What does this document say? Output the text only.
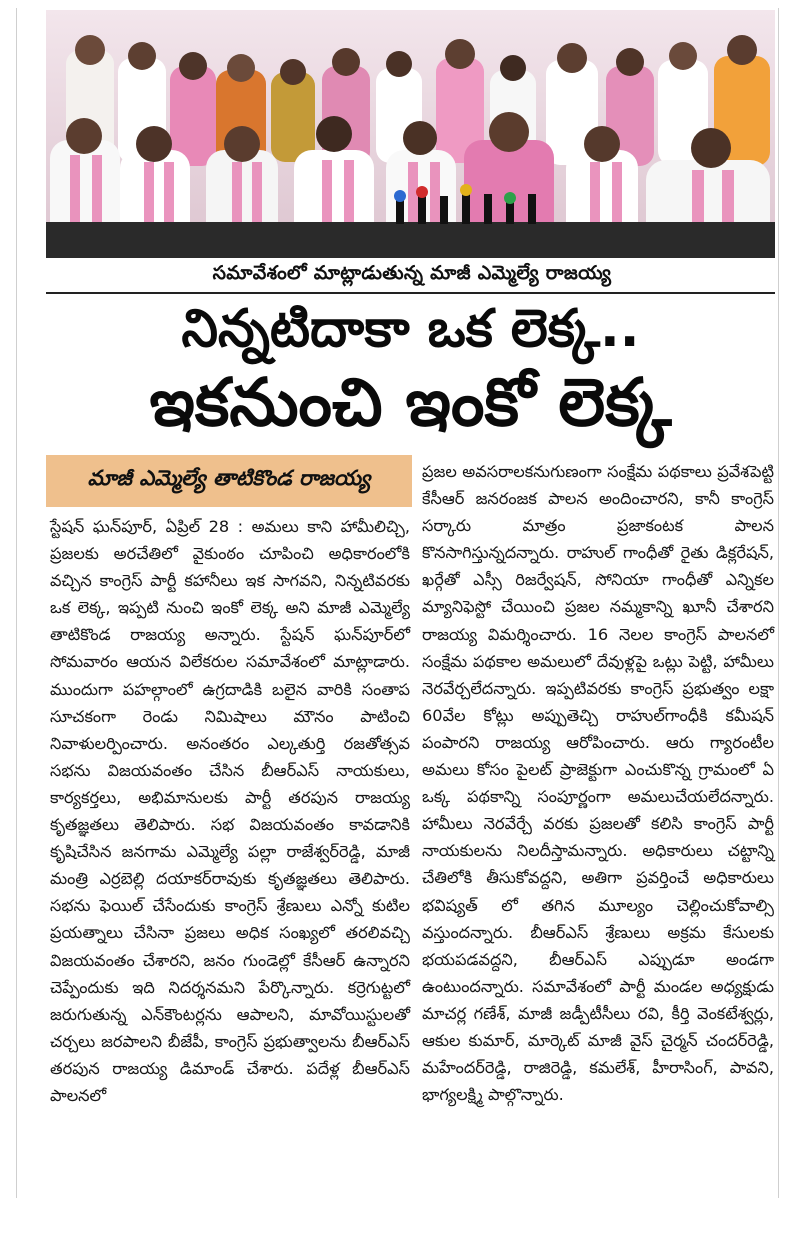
సమావేశంలో మాట్లాడుతున్న మాజీ ఎమ్మెల్యే రాజయ్య
నిన్నటిదాకా ఒక లెక్క..
ఇకనుంచి ఇంకో లెక్క
మాజీ ఎమ్మెల్యే తాటికొండ రాజయ్య

స్టేషన్ ఘన్‌పూర్, ఏప్రిల్ 28 : అమలు కాని హామీలిచ్చి, ప్రజలకు అరచేతిలో వైకుంఠం చూపించి అధికారంలోకి వచ్చిన కాంగ్రెస్ పార్టీ కహానీలు ఇక సాగవని, నిన్నటివరకు ఒక లెక్క, ఇప్పటి నుంచి ఇంకో లెక్క అని మాజీ ఎమ్మెల్యే తాటికొండ రాజయ్య అన్నారు. స్టేషన్ ఘన్‌పూర్‌లో సోమవారం ఆయన విలేకరుల సమావేశంలో మాట్లాడారు. ముందుగా పహల్గాంలో ఉగ్రదాడికి బలైన వారికి సంతాప సూచకంగా రెండు నిమిషాలు మౌనం పాటించి నివాళులర్పించారు. అనంతరం ఎల్కతుర్తి రజతోత్సవ సభను విజయవంతం చేసిన బీఆర్ఎస్ నాయకులు, కార్యకర్తలు, అభిమానులకు పార్టీ తరపున రాజయ్య కృతజ్ఞతలు తెలిపారు. సభ విజయవంతం కావడానికి కృషిచేసిన జనగామ ఎమ్మెల్యే పల్లా రాజేశ్వర్‌రెడ్డి, మాజీ మంత్రి ఎర్రబెల్లి దయాకర్‌రావుకు కృతజ్ఞతలు తెలిపారు. సభను ఫెయిల్ చేసేందుకు కాంగ్రెస్ శ్రేణులు ఎన్నో కుటిల ప్రయత్నాలు చేసినా ప్రజలు అధిక సంఖ్యలో తరలివచ్చి విజయవంతం చేశారని, జనం గుండెల్లో కేసీఆర్ ఉన్నారని చెప్పేందుకు ఇది నిదర్శనమని పేర్కొన్నారు. కర్రెగుట్టలో జరుగుతున్న ఎన్‌కౌంటర్లను ఆపాలని, మావోయిస్టులతో చర్చలు జరపాలని బీజేపీ, కాంగ్రెస్ ప్రభుత్వాలను బీఆర్ఎస్ తరపున రాజయ్య డిమాండ్ చేశారు. పదేళ్ల బీఆర్ఎస్ పాలనలో

ప్రజల అవసరాలకనుగుణంగా సంక్షేమ పథకాలు ప్రవేశపెట్టి కేసీఆర్ జనరంజక పాలన అందించారని, కానీ కాంగ్రెస్ సర్కారు మాత్రం ప్రజాకంటక పాలన కొనసాగిస్తున్నదన్నారు. రాహుల్ గాంధీతో రైతు డిక్లరేషన్, ఖర్గేతో ఎస్సీ రిజర్వేషన్, సోనియా గాంధీతో ఎన్నికల మ్యానిఫెస్టో చేయించి ప్రజల నమ్మకాన్ని ఖూనీ చేశారని రాజయ్య విమర్శించారు. 16 నెలల కాంగ్రెస్ పాలనలో సంక్షేమ పథకాల అమలులో దేవుళ్లపై ఒట్లు పెట్టి, హామీలు నెరవేర్చలేదన్నారు. ఇప్పటివరకు కాంగ్రెస్ ప్రభుత్వం లక్షా 60వేల కోట్లు అప్పుతెచ్చి రాహుల్‌గాంధీకి కమీషన్ పంపారని రాజయ్య ఆరోపించారు. ఆరు గ్యారంటీల అమలు కోసం పైలట్ ప్రాజెక్టుగా ఎంచుకొన్న గ్రామంలో ఏ ఒక్క పథకాన్ని సంపూర్ణంగా అమలుచేయలేదన్నారు. హామీలు నెరవేర్చే వరకు ప్రజలతో కలిసి కాంగ్రెస్ పార్టీ నాయకులను నిలదీస్తామన్నారు. అధికారులు చట్టాన్ని చేతిలోకి తీసుకోవద్దని, అతిగా ప్రవర్తించే అధికారులు భవిష్యత్ లో తగిన మూల్యం చెల్లించుకోవాల్సి వస్తుందన్నారు. బీఆర్ఎస్ శ్రేణులు అక్రమ కేసులకు భయపడవద్దని, బీఆర్ఎస్ ఎప్పుడూ అండగా ఉంటుందన్నారు. సమావేశంలో పార్టీ మండల అధ్యక్షుడు మాచర్ల గణేశ్, మాజీ జడ్పీటీసీలు రవి, కీర్తి వెంకటేశ్వర్లు, ఆకుల కుమార్, మార్కెట్ మాజీ వైస్ చైర్మన్ చందర్‌రెడ్డి, మహేందర్‌రెడ్డి, రాజిరెడ్డి, కమలేశ్, హీరాసింగ్, పావని, భాగ్యలక్ష్మి పాల్గొన్నారు.
